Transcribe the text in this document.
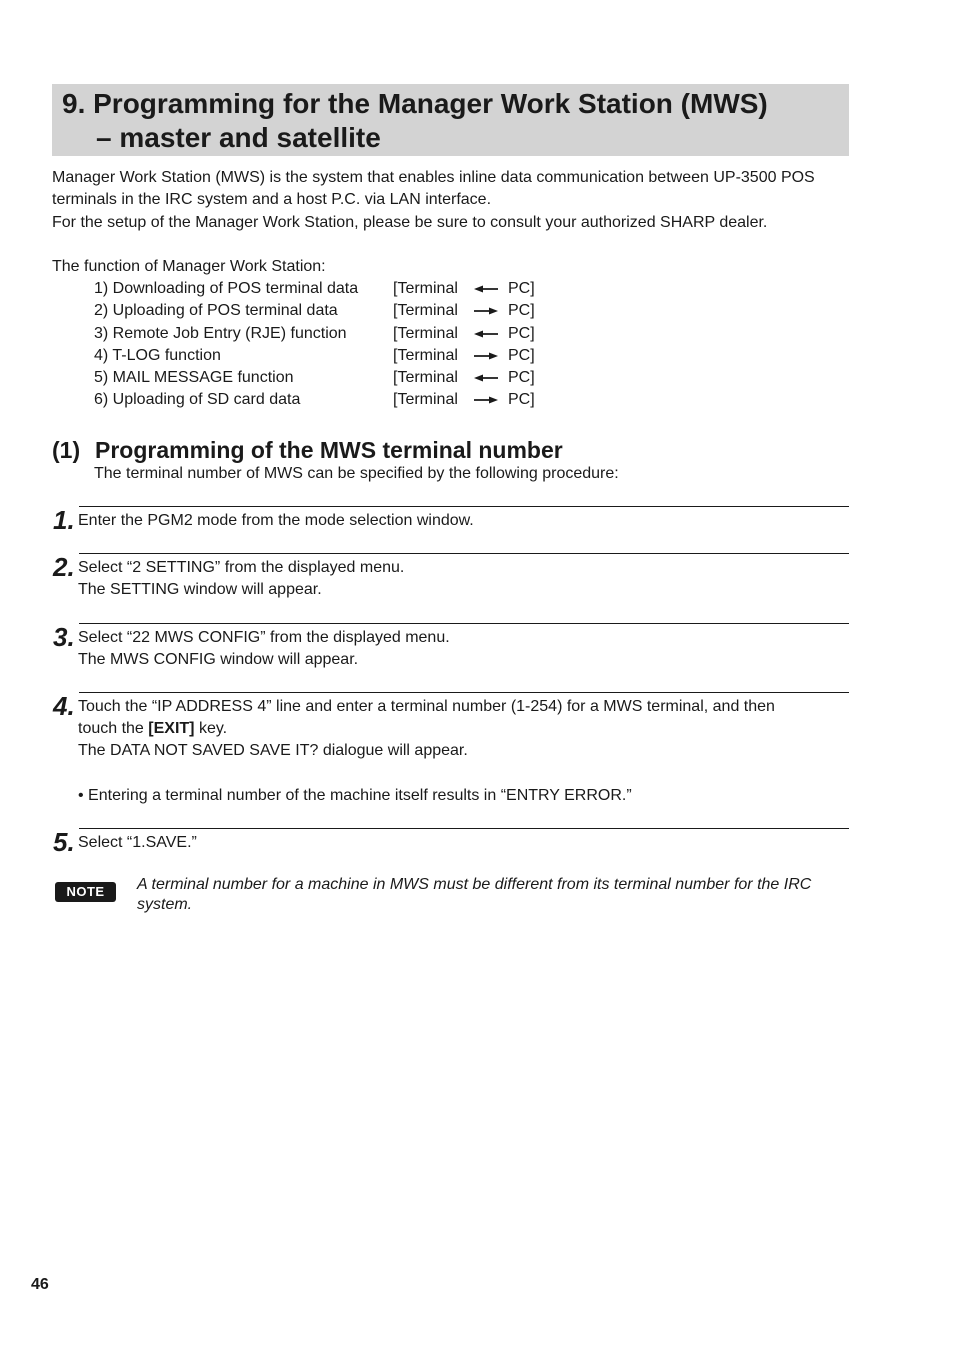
9. Programming for the Manager Work Station (MWS)
– master and satellite
Manager Work Station (MWS) is the system that enables inline data communication between UP-3500 POS
terminals in the IRC system and a host P.C. via LAN interface.
For the setup of the Manager Work Station, please be sure to consult your authorized SHARP dealer.
The function of Manager Work Station:
1) Downloading of POS terminal data [Terminal	PC]
2) Uploading of POS terminal data	[Terminal	PC]
3) Remote Job Entry (RJE) function	[Terminal	PC]
4) T-LOG function	[Terminal	PC]
5) MAIL MESSAGE function	[Terminal	PC]
6) Uploading of SD card data	[Terminal	PC]
(1) Programming of the MWS terminal number
The terminal number of MWS can be specified by the following procedure:
1. Enter the PGM2 mode from the mode selection window.
2. Select “2 SETTING” from the displayed menu.
The SETTING window will appear.
3. Select “22 MWS CONFIG” from the displayed menu.
The MWS CONFIG window will appear.
4. Touch the “IP ADDRESS 4” line and enter a terminal number (1-254) for a MWS terminal, and then
touch the [EXIT] key.
The DATA NOT SAVED SAVE IT? dialogue will appear.
• Entering a terminal number of the machine itself results in “ENTRY ERROR.”
5. Select “1.SAVE.”
NOTE	A terminal number for a machine in MWS must be different from its terminal number for the IRC system.
46
